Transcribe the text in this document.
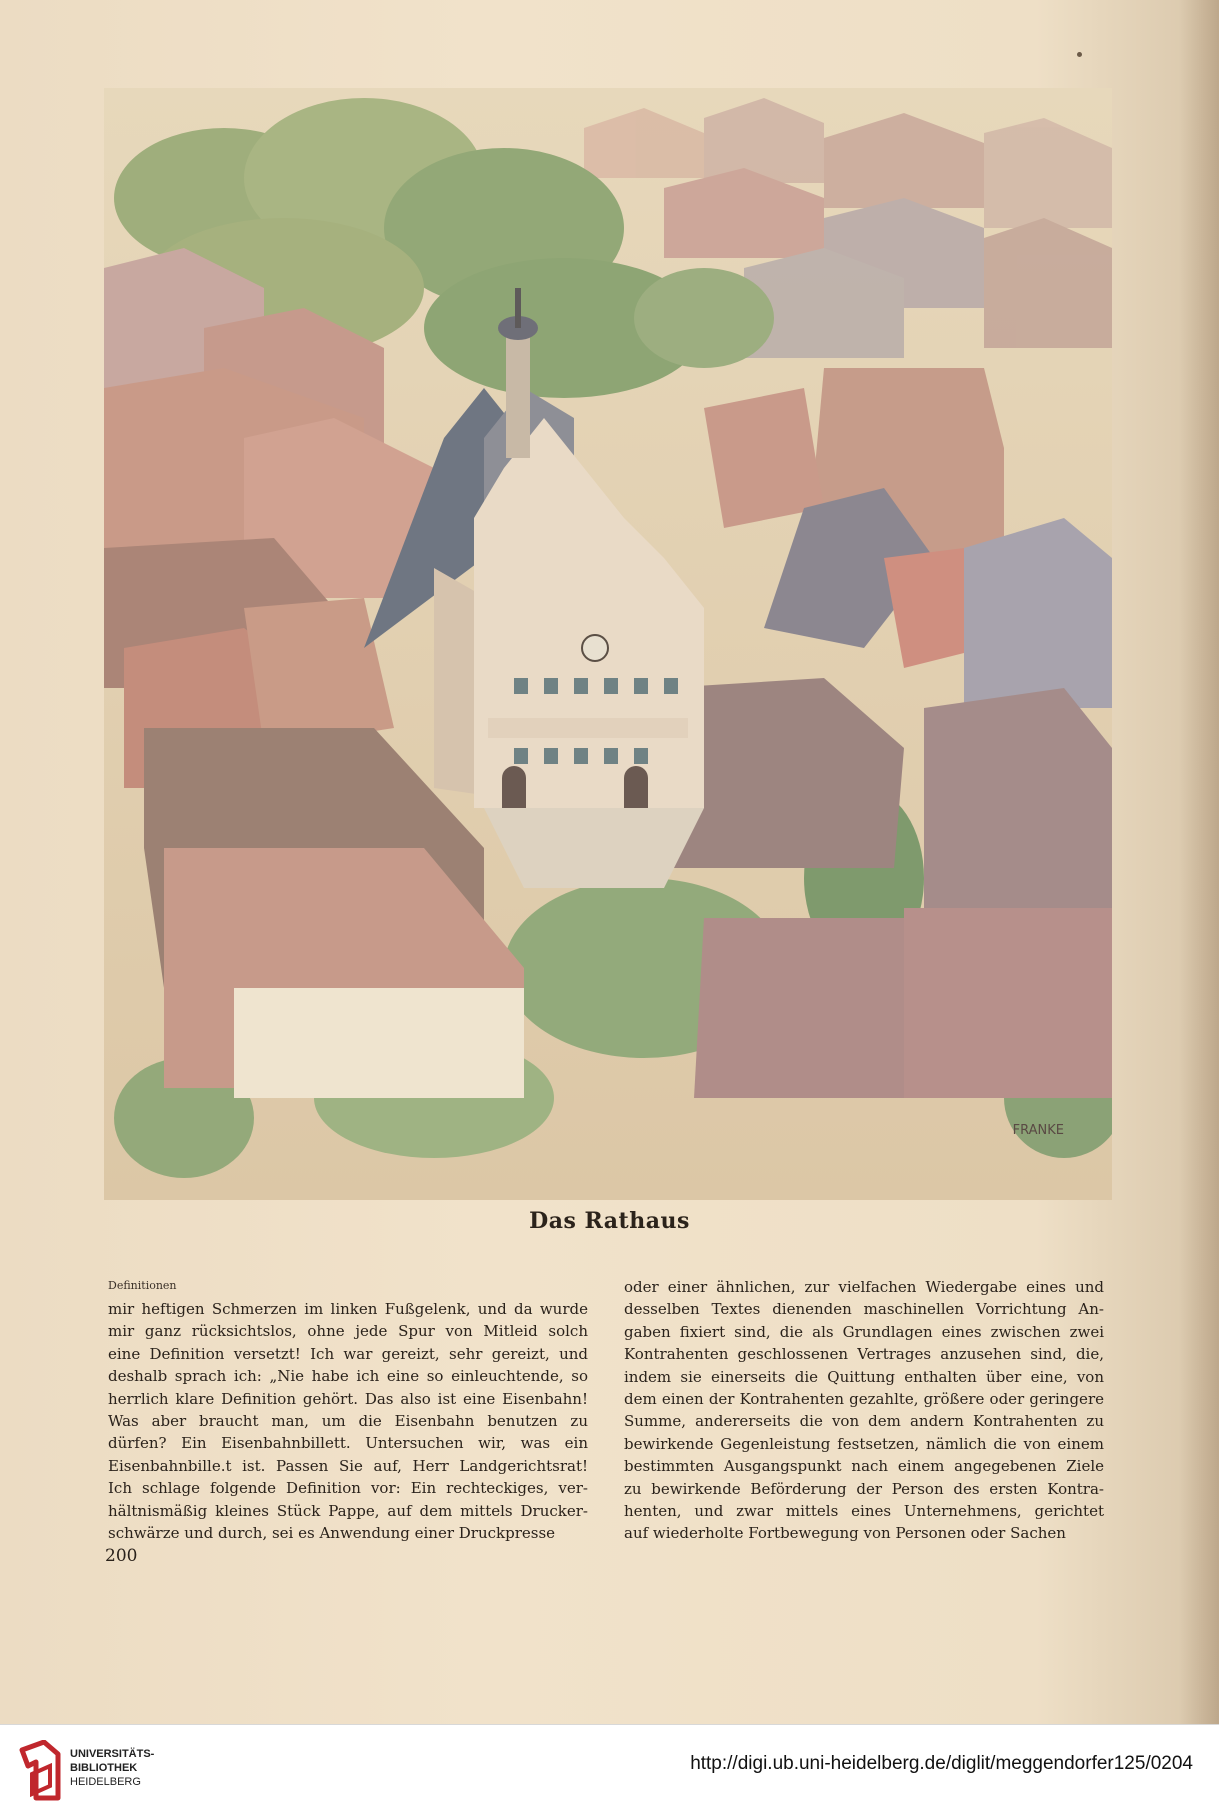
FRANKE
Das Rathaus
Definitionen
mir heftigen Schmerzen im linken Fußgelenk, und da wurde
mir ganz rücksichtslos, ohne jede Spur von Mitleid solch
eine Definition versetzt! Ich war gereizt, sehr gereizt, und
deshalb sprach ich: „Nie habe ich eine so einleuchtende, so
herrlich klare Definition gehört. Das also ist eine Eisenbahn!
Was aber braucht man, um die Eisenbahn benutzen zu
dürfen? Ein Eisenbahnbillett. Untersuchen wir, was ein
Eisenbahnbille.t ist. Passen Sie auf, Herr Landgerichtsrat!
Ich schlage folgende Definition vor: Ein rechteckiges, ver-
hältnismäßig kleines Stück Pappe, auf dem mittels Drucker-
schwärze und durch, sei es Anwendung einer Druckpresse
oder einer ähnlichen, zur vielfachen Wiedergabe eines und
desselben Textes dienenden maschinellen Vorrichtung An-
gaben fixiert sind, die als Grundlagen eines zwischen zwei
Kontrahenten geschlossenen Vertrages anzusehen sind, die,
indem sie einerseits die Quittung enthalten über eine, von
dem einen der Kontrahenten gezahlte, größere oder geringere
Summe, andererseits die von dem andern Kontrahenten zu
bewirkende Gegenleistung festsetzen, nämlich die von einem
bestimmten Ausgangspunkt nach einem angegebenen Ziele
zu bewirkende Beförderung der Person des ersten Kontra-
henten, und zwar mittels eines Unternehmens, gerichtet
auf wiederholte Fortbewegung von Personen oder Sachen
200
UNIVERSITÄTS-
BIBLIOTHEK
HEIDELBERG
http://digi.ub.uni-heidelberg.de/diglit/meggendorfer125/0204
